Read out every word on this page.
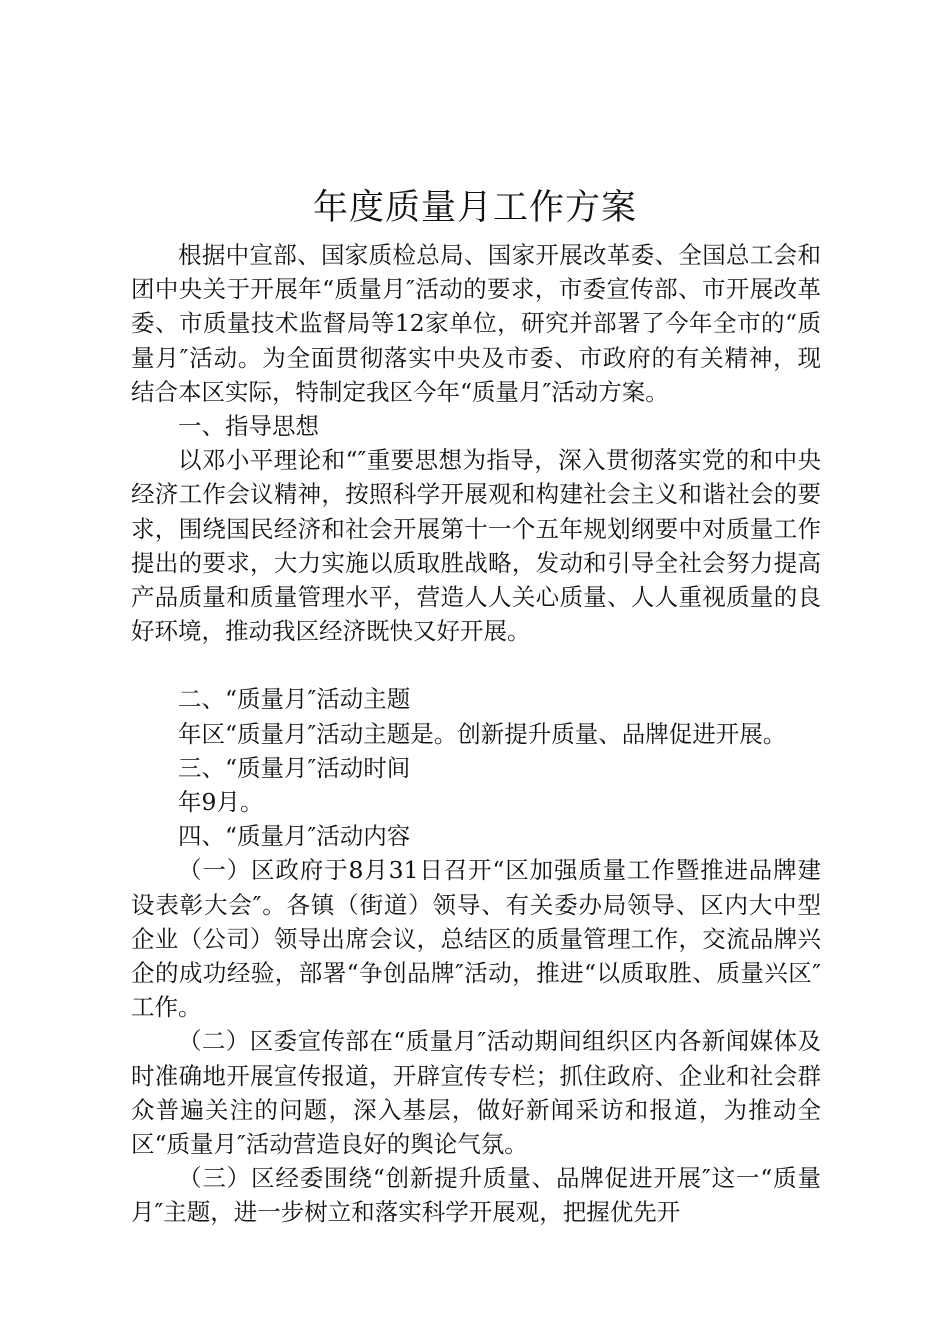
年度质量月工作方案

根据中宣部、国家质检总局、国家开展改革委、全国总工会和团中央关于开展年“质量月″活动的要求，市委宣传部、市开展改革委、市质量技术监督局等12家单位，研究并部署了今年全市的“质量月″活动。为全面贯彻落实中央及市委、市政府的有关精神，现结合本区实际，特制定我区今年“质量月″活动方案。

一、指导思想

以邓小平理论和“″重要思想为指导，深入贯彻落实党的和中央经济工作会议精神，按照科学开展观和构建社会主义和谐社会的要求，围绕国民经济和社会开展第十一个五年规划纲要中对质量工作提出的要求，大力实施以质取胜战略，发动和引导全社会努力提高产品质量和质量管理水平，营造人人关心质量、人人重视质量的良好环境，推动我区经济既快又好开展。

二、“质量月″活动主题

年区“质量月″活动主题是。创新提升质量、品牌促进开展。

三、“质量月″活动时间

年9月。

四、“质量月″活动内容

（一）区政府于8月31日召开“区加强质量工作暨推进品牌建设表彰大会″。各镇（街道）领导、有关委办局领导、区内大中型企业（公司）领导出席会议，总结区的质量管理工作，交流品牌兴企的成功经验，部署“争创品牌″活动，推进“以质取胜、质量兴区″工作。

（二）区委宣传部在“质量月″活动期间组织区内各新闻媒体及时准确地开展宣传报道，开辟宣传专栏；抓住政府、企业和社会群众普遍关注的问题，深入基层，做好新闻采访和报道，为推动全区“质量月″活动营造良好的舆论气氛。

（三）区经委围绕“创新提升质量、品牌促进开展″这一“质量月″主题，进一步树立和落实科学开展观，把握优先开
